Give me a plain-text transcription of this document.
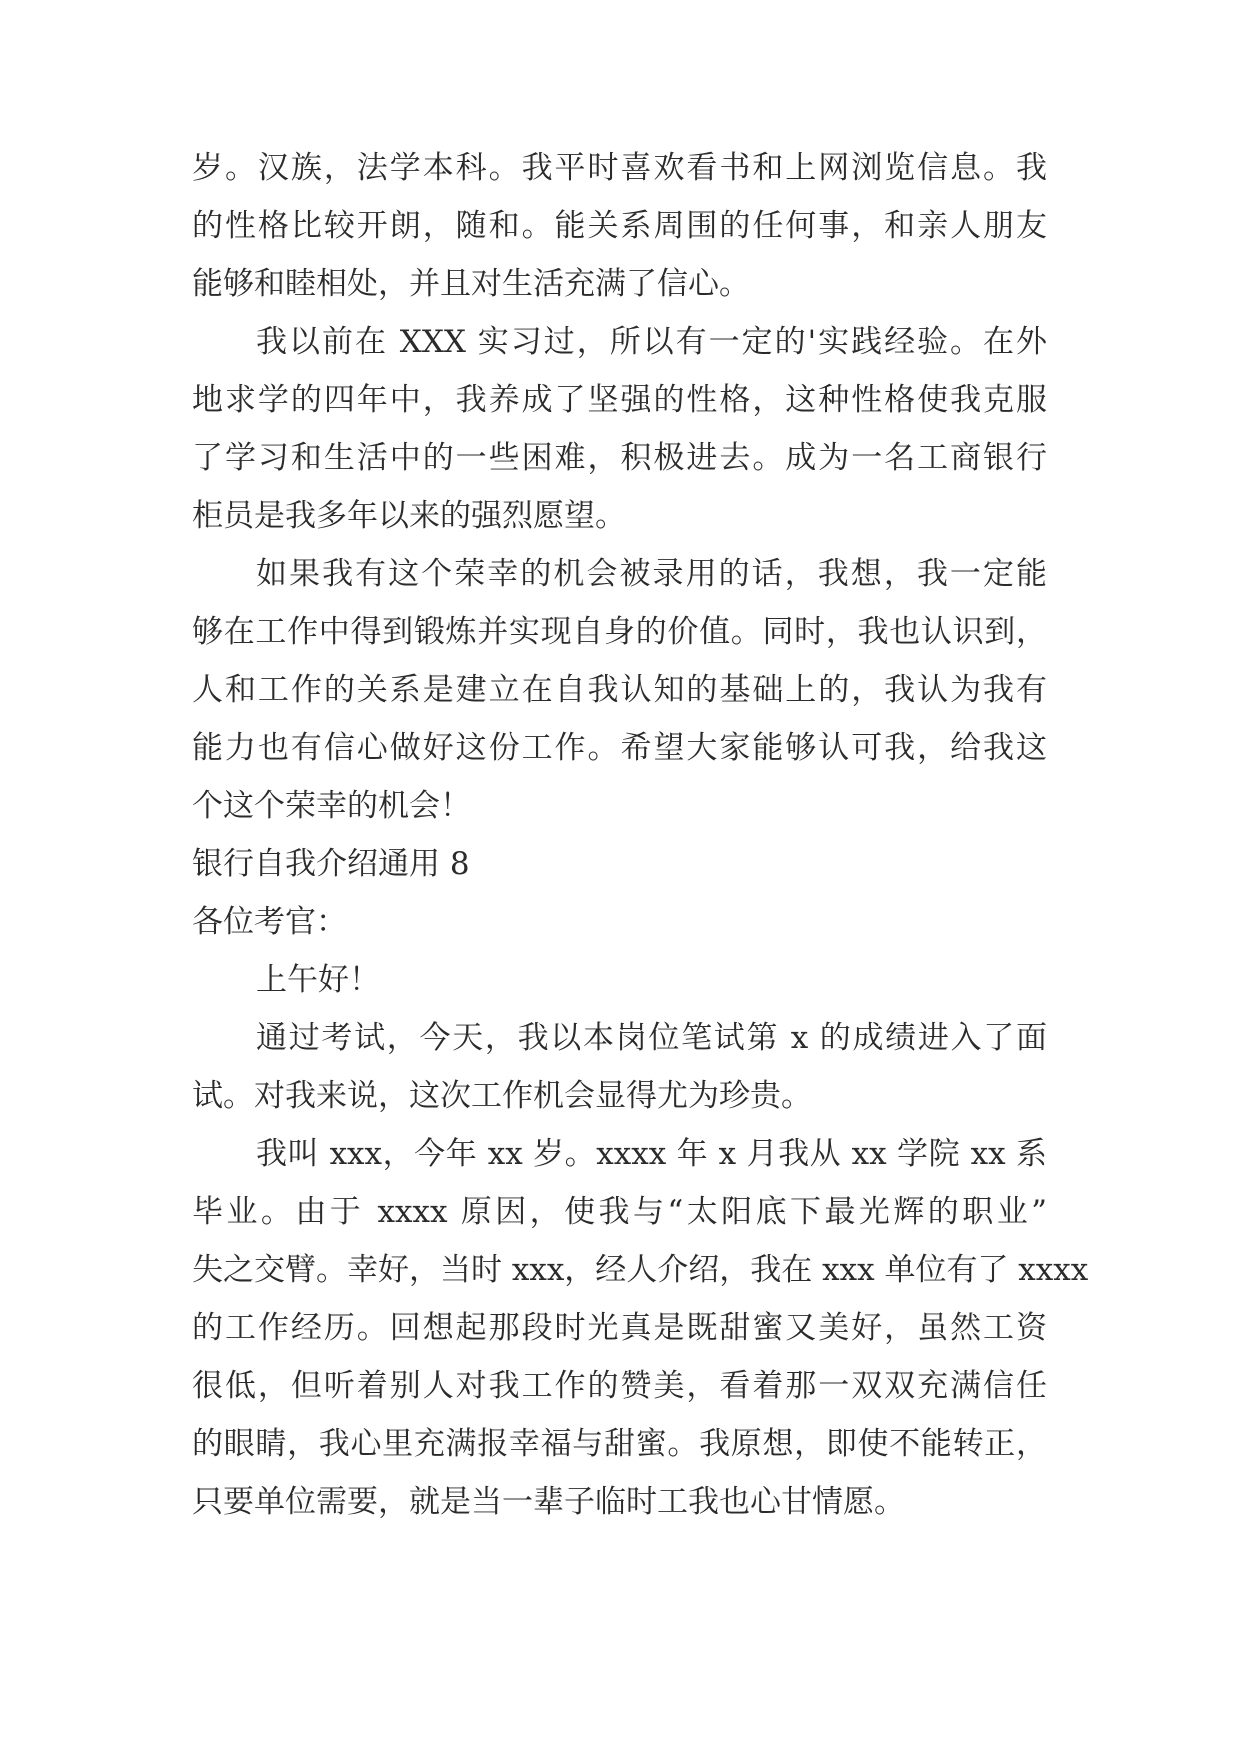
岁。汉族，法学本科。我平时喜欢看书和上网浏览信息。我

的性格比较开朗，随和。能关系周围的任何事，和亲人朋友

能够和睦相处，并且对生活充满了信心。

我以前在 XXX 实习过，所以有一定的'实践经验。在外

地求学的四年中，我养成了坚强的性格，这种性格使我克服

了学习和生活中的一些困难，积极进去。成为一名工商银行

柜员是我多年以来的强烈愿望。

如果我有这个荣幸的机会被录用的话，我想，我一定能

够在工作中得到锻炼并实现自身的价值。同时，我也认识到，

人和工作的关系是建立在自我认知的基础上的，我认为我有

能力也有信心做好这份工作。希望大家能够认可我，给我这

个这个荣幸的机会！

银行自我介绍通用 8

各位考官：

上午好！

通过考试，今天，我以本岗位笔试第 x 的成绩进入了面

试。对我来说，这次工作机会显得尤为珍贵。

我叫 xxx，今年 xx 岁。xxxx 年 x 月我从 xx 学院 xx 系

毕业。由于 xxxx 原因，使我与“太阳底下最光辉的职业”

失之交臂。幸好，当时 xxx，经人介绍，我在 xxx 单位有了 xxxx

的工作经历。回想起那段时光真是既甜蜜又美好，虽然工资

很低，但听着别人对我工作的赞美，看着那一双双充满信任

的眼睛，我心里充满报幸福与甜蜜。我原想，即使不能转正，

只要单位需要，就是当一辈子临时工我也心甘情愿。
